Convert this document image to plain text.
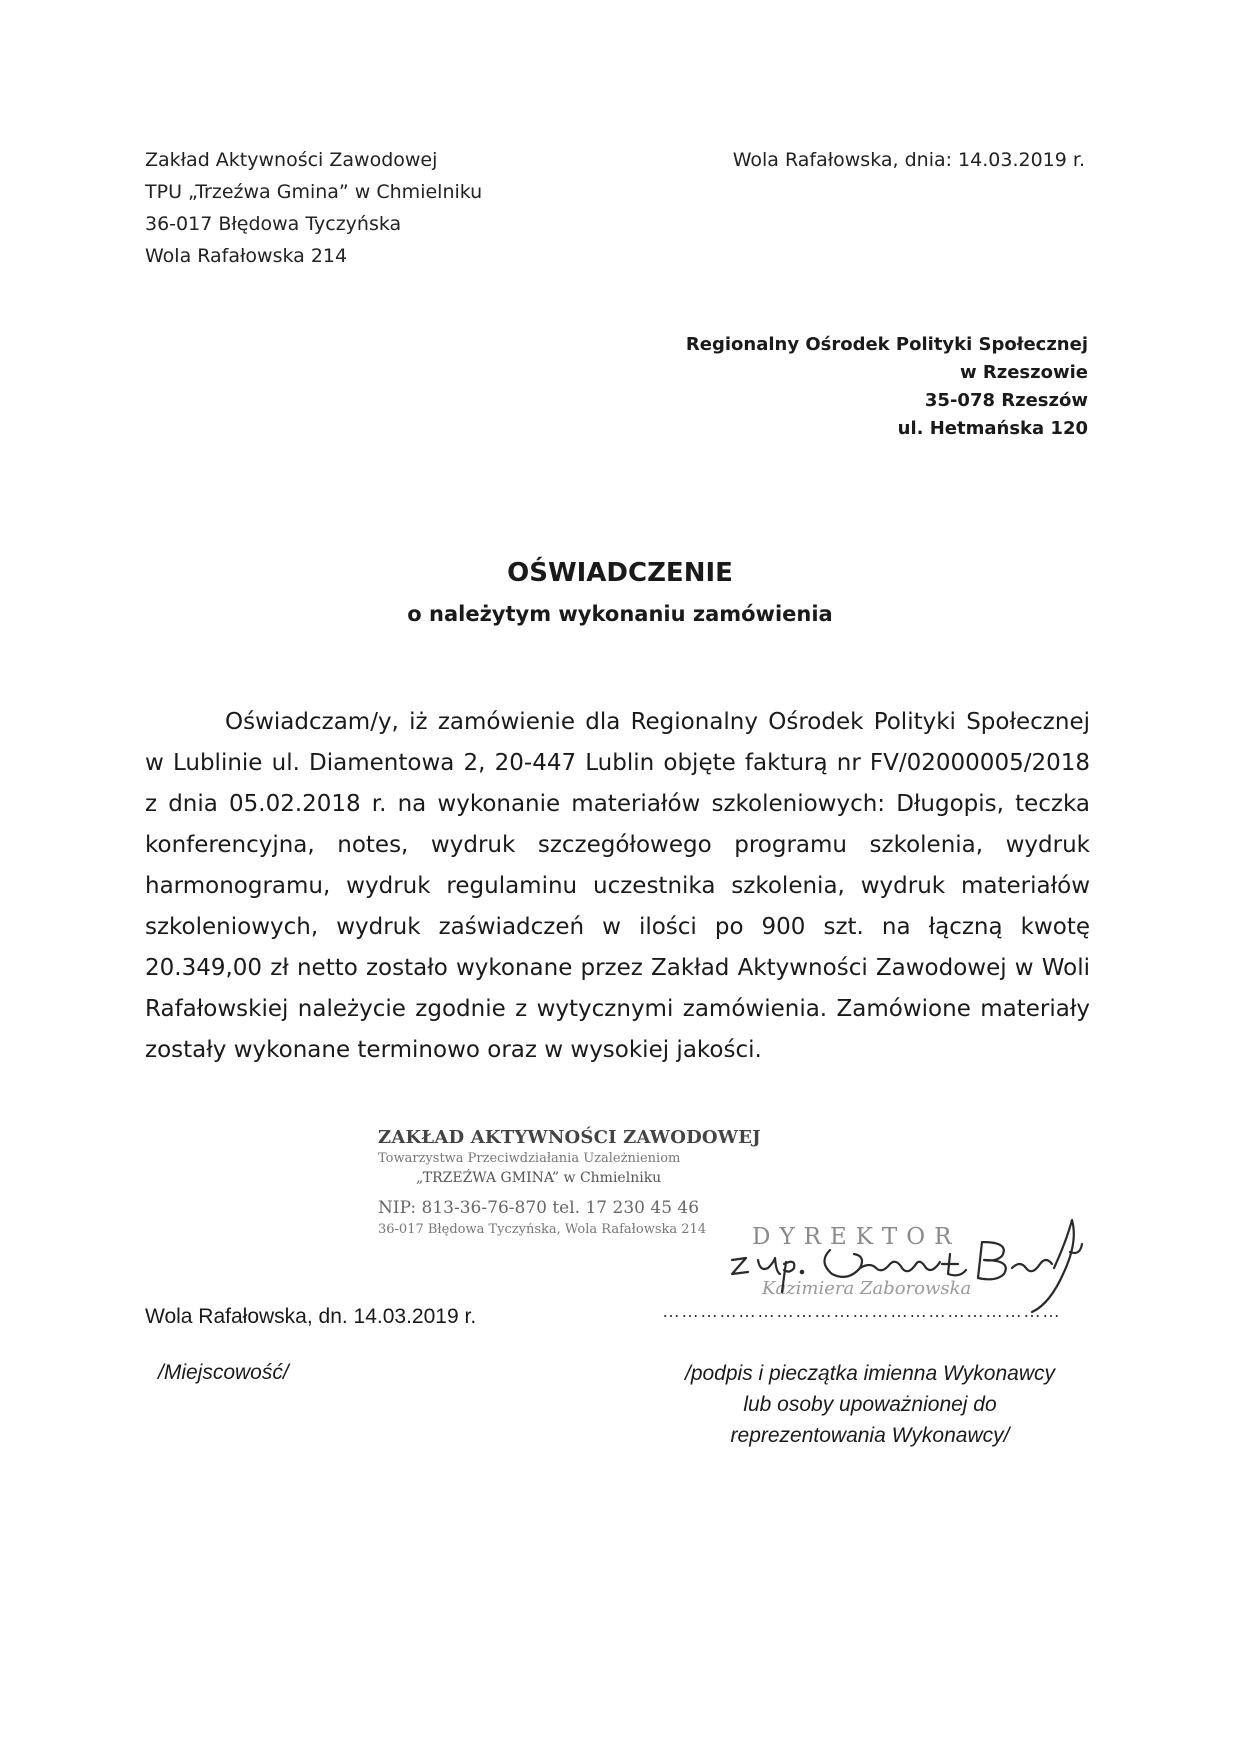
Zakład Aktywności Zawodowej
TPU „Trzeźwa Gmina” w Chmielniku
36-017 Błędowa Tyczyńska
Wola Rafałowska 214
Wola Rafałowska, dnia: 14.03.2019 r.
Regionalny Ośrodek Polityki Społecznej
w Rzeszowie
35-078 Rzeszów
ul. Hetmańska 120
OŚWIADCZENIE
o należytym wykonaniu zamówienia
Oświadczam/y, iż zamówienie dla Regionalny Ośrodek Polityki Społecznej w Lublinie ul. Diamentowa 2, 20-447 Lublin objęte fakturą nr FV/02000005/2018 z dnia 05.02.2018 r. na wykonanie materiałów szkoleniowych: Długopis, teczka konferencyjna, notes, wydruk szczegółowego programu szkolenia, wydruk harmonogramu, wydruk regulaminu uczestnika szkolenia, wydruk materiałów szkoleniowych, wydruk zaświadczeń w ilości po 900 szt. na łączną kwotę 20.349,00 zł netto zostało wykonane przez Zakład Aktywności Zawodowej w Woli Rafałowskiej należycie zgodnie z wytycznymi zamówienia. Zamówione materiały zostały wykonane terminowo oraz w wysokiej jakości.
ZAKŁAD AKTYWNOŚCI ZAWODOWEJ
Towarzystwa Przeciwdziałania Uzależnieniom
„TRZEŹWA GMINA” w Chmielniku
NIP: 813-36-76-870 tel. 17 230 45 46
36-017 Błędowa Tyczyńska, Wola Rafałowska 214	DYREKTOR
Kazimiera Zaborowska
Wola Rafałowska, dn. 14.03.2019 r.	………………………………………………………
/Miejscowość/	/podpis i pieczątka imienna Wykonawcy
lub osoby upoważnionej do
reprezentowania Wykonawcy/
